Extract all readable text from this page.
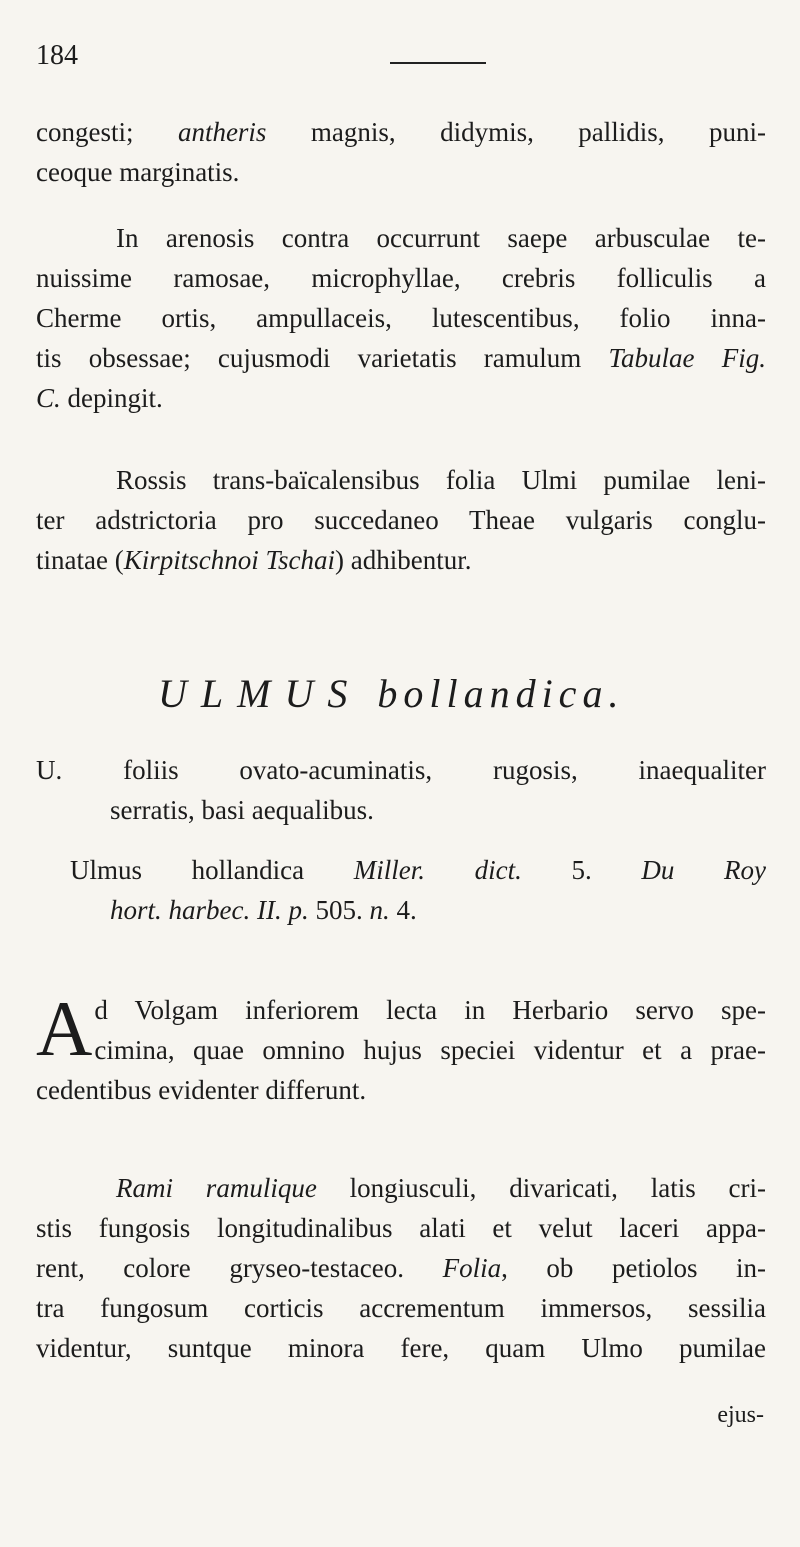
184
congesti; antheris magnis, didymis, pallidis, puni-
ceoque marginatis.
In arenosis contra occurrunt saepe arbusculae te-
nuissime ramosae, microphyllae, crebris folliculis a
Cherme ortis, ampullaceis, lutescentibus, folio inna-
tis obsessae; cujusmodi varietatis ramulum Tabulae Fig.
C. depingit.
Rossis trans-baïcalensibus folia Ulmi pumilae leni-
ter adstrictoria pro succedaneo Theae vulgaris conglu-
tinatae (Kirpitschnoi Tschai) adhibentur.
ULMUS bollandica.
U. foliis ovato-acuminatis, rugosis, inaequaliter
serratis, basi aequalibus.
Ulmus hollandica Miller. dict. 5. Du Roy
hort. harbec. II. p. 505. n. 4.
A d Volgam inferiorem lecta in Herbario servo spe-
cimina, quae omnino hujus speciei videntur et a prae-
cedentibus evidenter differunt.
Rami ramulique longiusculi, divaricati, latis cri-
stis fungosis longitudinalibus alati et velut laceri appa-
rent, colore gryseo-testaceo. Folia, ob petiolos in-
tra fungosum corticis accrementum immersos, sessilia
videntur, suntque minora fere, quam Ulmo pumilae
ejus-
